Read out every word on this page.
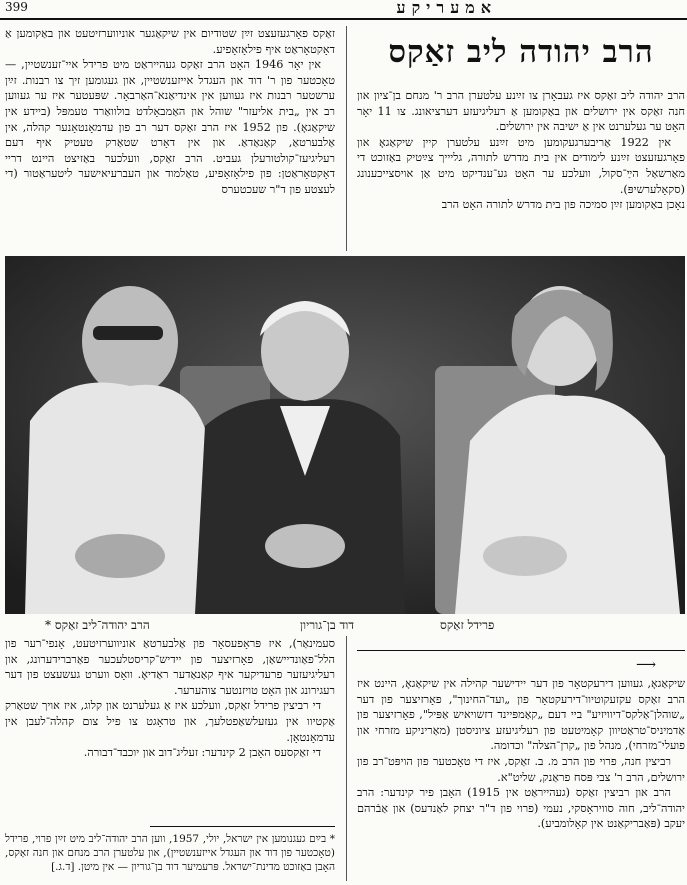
399	אמעריקע
הרב יהודה ליב זאַקס

הרב יהודה ליב זאַקס איז געבאָרן צו זײַנע עלטערן הרב ר' מנחם בן־ציון און חנה זאַקס אין ירושלים און באַקומען אַ רעליגיעזע דערציאונג. צו 11 יאָר האָט ער געלערנט אין אַ ישיבה אין ירושלים.

אין 1922 אַריבערגעקומען מיט זײַנע עלטערן קיין שיקאַגאָ און פאָרגעזעצט זײַנע לימודים אין בית מדרש לתורה, גליייך צײַטיק באַזוכט די מאַרשאַל הײַ־סקול, וועלכע ער האָט גע־ענדיקט מיט אַן אויסצייכענונג (סקאָלערשיפּ).

נאָכן באַקומען זײַן סמיכה פון בית מדרש לתורה האָט הרב

זאַקס פאָרגעזעצט זײַן שטודיום אין שיקאַגער אוניווערזיטעט און באַקומען אַ דאָקטאָראַט איף פילאָזאָפיע.

אין יאָר 1946 האָט הרב זאַקס געהייראַט מיט פרידל איי־זענשטיין, — טאָכטער פון ר' דוד און העגדל אייזענשטיין, און געגומען זיך צו רבנות. זײַן ערשטער רבנות איז געווען אין אינדיאַנא־האַרבאָר. שפּעטער איז ער געווען רב אין „בית אליעזר" שוהל און האַמבאָלדט בולוואַרד טעמפּל (ביידע אין שיקאַגאָ). פון 1952 איז הרב זאַקס דער רב פון עדמאָנטאָנער קהלה, אין אַלבערטאַ, קאַנאַדאַ. און אין דאָרט שטאַרק טעטיק איף דעם רעליגיעז־קולטורעלן געביט. הרב זאַקס, וועלכער באַזיצט היינט דריי דאָקטאָראַטן: פון פילאָזאָפיע, טאַלמוד און העברעיאישער ליטעראַטור (די לעצטע פון ד"ר שעכטערס

פרידל זאַקס
דוד בן־גוריון
הרב יהודה־ליב זאַקס *
⟶

שיקאַגאָ, געווען דירעקטאָר פון דער יידישער קהילה אין שיקאַגאָ, היינט איז הרב זאַקס עקזעקוטיוו־דירעקטאָר פון „ועד־החינוך", פאָרזיצער פון דער „שוהלן־אַלקס־דיוויזיע" ביי דעם „קאַמפּיינד דזשויאיש אַפּיל", פאָרזיצער פון אַדמיניס־טראַטיוון קאָמיטעט פון רעליגיעזע ציוניסטן (מאַריניקע מזרחי און פועלי־מזרחי), מנהל פון „קרן־הצלה" וכדומה.

רביצין חנה, פרוי פון הרב מ. ב. זאַקס, איז די טאָכטער פון הויפּט־רב פון ירושלים, הרב ר' צבי פּסח פראַנק, שליט"א.

הרב און רביצין זאַקס (געהייראַט אין 1915) האָבן פיר קינדער: הרב יהודה־ליב, חוה סוויראָסקי, נעמי (פרוי פון ד"ר יצחק לאַנדעס) און אַבֿרהם יעקב (פּאַבריקאַנט אין קאָלומביע).

סעמינאַר), איז פּראָפעסאָר פון אַלבערטאַ אוניווערזיטעט, אָנפי־רער פון הלל־פאַונדיישאַן, פאָרזיצער פון יידיש־קריסטלעכער פאַרברידערונג, און רעליגיעזער פרעדיקער איף קאַנאַדער ראַדיאָ. וואָס ווערט געשעצט פון דער רעגירונג און האָט טויזנטער צוהערער.

די רביצין פרידל זאַקס, וועלכע איז אַ געלערנט און קלוג, איז אויך שטאַרק אַקטיוו אין געזעלשאַפטלעך, און טראָגט צו פיל צום קהלה־לעבן אין עדמאָנטאָן.

די זאַקסעס האָבן 2 קינדער: זעליג־דוב און יוכבד־דבורה.

* בײַם געגנומען אין ישראל, יולי, 1957, ווען הרב יהודה־ליב מיט זײַן פרוי, פרידל (טאָכטער פון דוד און העגדל אייזענשטיין), און עלטערן הרב מנחם און חנה זאַקס, האָבן באַזוכט מדינת־ישראל. פּרעמיער דוד בן־גוריון — אין מיטן. [ד.ג.]
